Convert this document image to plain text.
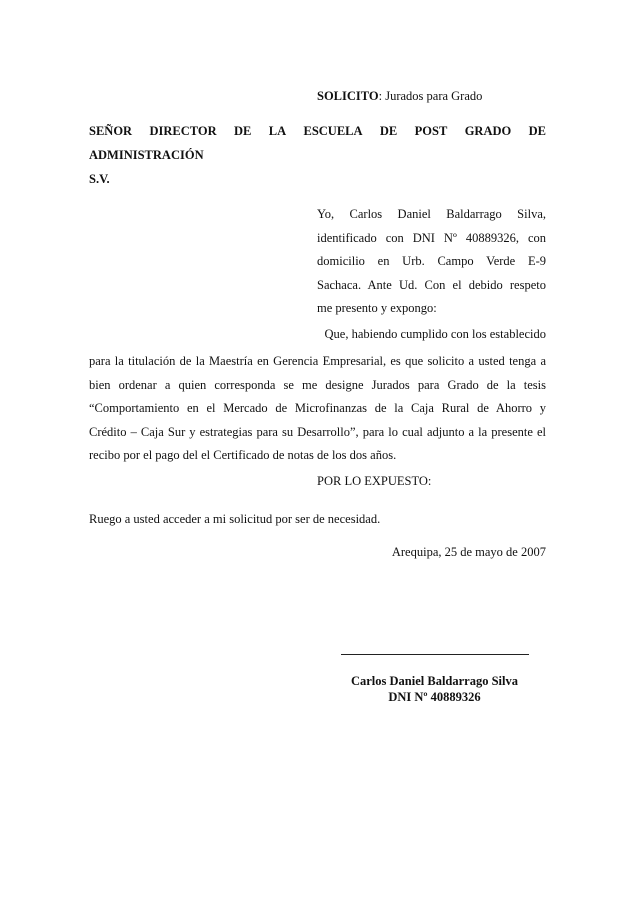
SOLICITO: Jurados para Grado
SEÑOR DIRECTOR DE LA ESCUELA DE POST GRADO DE
ADMINISTRACIÓN
S.V.

Yo, Carlos Daniel Baldarrago Silva,

identificado con DNI Nº 40889326, con

domicilio en Urb. Campo Verde E-9

Sachaca. Ante Ud. Con el debido respeto

me presento y expongo:

Que, habiendo cumplido con los establecido

para la titulación de la Maestría en Gerencia Empresarial, es que solicito a usted tenga a

bien ordenar a quien corresponda se me designe Jurados para Grado de la tesis

“Comportamiento en el Mercado de Microfinanzas de la Caja Rural de Ahorro y

Crédito – Caja Sur y estrategias para su Desarrollo”, para lo cual adjunto a la presente el

recibo por el pago del el Certificado de notas de los dos años.

POR LO EXPUESTO:
Ruego a usted acceder a mi solicitud por ser de necesidad.
Arequipa, 25 de mayo de 2007
Carlos Daniel Baldarrago Silva
DNI Nº 40889326
